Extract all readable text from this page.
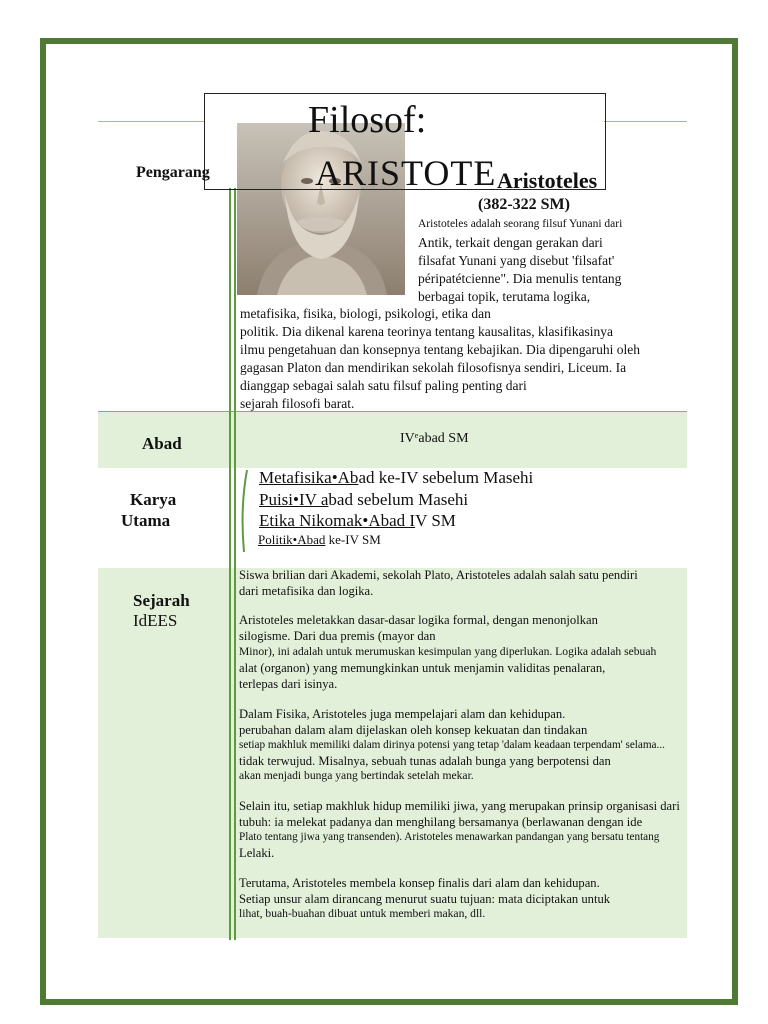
Filosof:
ARISTOTE Aristoteles
(382-322 SM)
Pengarang
Abad
Karya
Utama
Sejarah
IdEES
Aristoteles adalah seorang filsuf Yunani dari
Antik, terkait dengan gerakan dari
filsafat Yunani yang disebut 'filsafat'
péripatétcienne". Dia menulis tentang
berbagai topik, terutama logika,
metafisika, fisika, biologi, psikologi, etika dan
politik. Dia dikenal karena teorinya tentang kausalitas, klasifikasinya
ilmu pengetahuan dan konsepnya tentang kebajikan. Dia dipengaruhi oleh
gagasan Platon dan mendirikan sekolah filosofisnya sendiri, Liceum. Ia
dianggap sebagai salah satu filsuf paling penting dari
sejarah filosofi barat.
IVᵉabad SM
Metafisika•Abad ke-IV sebelum Masehi
Puisi•IV abad sebelum Masehi
Etika Nikomak•Abad IV SM
Politik•Abad ke-IV SM
Siswa brilian dari Akademi, sekolah Plato, Aristoteles adalah salah satu pendiri
dari metafisika dan logika.
Aristoteles meletakkan dasar-dasar logika formal, dengan menonjolkan
silogisme. Dari dua premis (mayor dan
Minor), ini adalah untuk merumuskan kesimpulan yang diperlukan. Logika adalah sebuah
alat (organon) yang memungkinkan untuk menjamin validitas penalaran,
terlepas dari isinya.
Dalam Fisika, Aristoteles juga mempelajari alam dan kehidupan.
perubahan dalam alam dijelaskan oleh konsep kekuatan dan tindakan
setiap makhluk memiliki dalam dirinya potensi yang tetap 'dalam keadaan terpendam' selama...
tidak terwujud. Misalnya, sebuah tunas adalah bunga yang berpotensi dan
akan menjadi bunga yang bertindak setelah mekar.
Selain itu, setiap makhluk hidup memiliki jiwa, yang merupakan prinsip organisasi dari
tubuh: ia melekat padanya dan menghilang bersamanya (berlawanan dengan ide
Plato tentang jiwa yang transenden). Aristoteles menawarkan pandangan yang bersatu tentang
Lelaki.
Terutama, Aristoteles membela konsep finalis dari alam dan kehidupan.
Setiap unsur alam dirancang menurut suatu tujuan: mata diciptakan untuk
lihat, buah-buahan dibuat untuk memberi makan, dll.
